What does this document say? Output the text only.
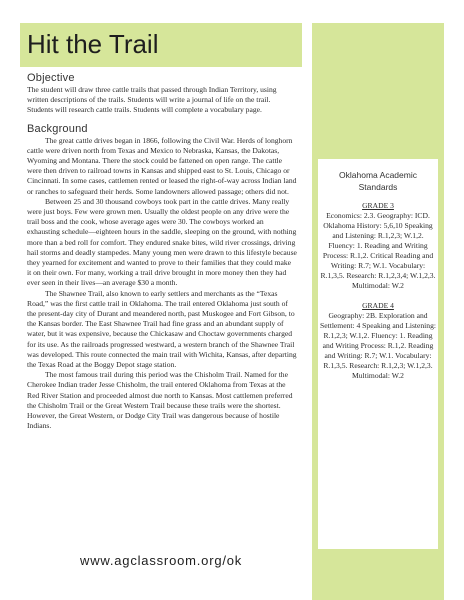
Hit the Trail
Objective

The student will draw three cattle trails that passed through Indian Territory, using written descriptions of the trails. Students will write a journal of life on the trail. Students will research cattle trails. Students will complete a vocabulary page.

Background

The great cattle drives began in 1866, following the Civil War. Herds of longhorn cattle were driven north from Texas and Mexico to Nebraska, Kansas, the Dakotas, Wyoming and Montana. There the stock could be fattened on open range. The cattle were then driven to railroad towns in Kansas and shipped east to St. Louis, Chicago or Cincinnati. In some cases, cattlemen rented or leased the right-of-way across Indian land or ranches to safeguard their herds. Some landowners allowed passage; others did not.

Between 25 and 30 thousand cowboys took part in the cattle drives. Many really were just boys. Few were grown men. Usually the oldest people on any drive were the trail boss and the cook, whose average ages were 30. The cowboys worked an exhausting schedule—eighteen hours in the saddle, sleeping on the ground, with nothing more than a bed roll for comfort. They endured snake bites, wild river crossings, driving hail storms and deadly stampedes. Many young men were drawn to this lifestyle because they yearned for excitement and wanted to prove to their families that they could make it on their own. For many, working a trail drive brought in more money then they had ever seen in their lives—an average $30 a month.

The Shawnee Trail, also known to early settlers and merchants as the “Texas Road,” was the first cattle trail in Oklahoma. The trail entered Oklahoma just south of the present-day city of Durant and meandered north, past Muskogee and Fort Gibson, to the Kansas border. The East Shawnee Trail had fine grass and an abundant supply of water, but it was expensive, because the Chickasaw and Choctaw governments charged for its use. As the railroads progressed westward, a western branch of the Shawnee Trail was developed. This route connected the main trail with Wichita, Kansas, after departing the Texas Road at the Boggy Depot stage station.

The most famous trail during this period was the Chisholm Trail. Named for the Cherokee Indian trader Jesse Chisholm, the trail entered Oklahoma from Texas at the Red River Station and proceeded almost due north to Kansas. Most cattlemen preferred the Chisholm Trail or the Great Western Trail because these trails were the shortest. However, the Great Western, or Dodge City Trail was dangerous because of hostile Indians.

Oklahoma Academic Standards
GRADE 3
Economics: 2.3. Geography: ICD. Oklahoma History: 5,6,10 Speaking and Listening: R.1,2,3; W.1,2. Fluency: 1. Reading and Writing Process: R.1,2. Critical Reading and Writing: R.7; W.1. Vocabulary: R.1,3,5. Research: R.1,2,3,4; W.1,2,3. Multimodal: W.2
GRADE 4
Geography: 2B. Exploration and Settlement: 4 Speaking and Listening: R.1,2,3; W.1,2. Fluency: 1. Reading and Writing Process: R.1,2. Reading and Writing: R.7; W.1. Vocabulary: R.1,3,5. Research: R.1,2,3; W.1,2,3. Multimodal: W.2
www.agclassroom.org/ok
